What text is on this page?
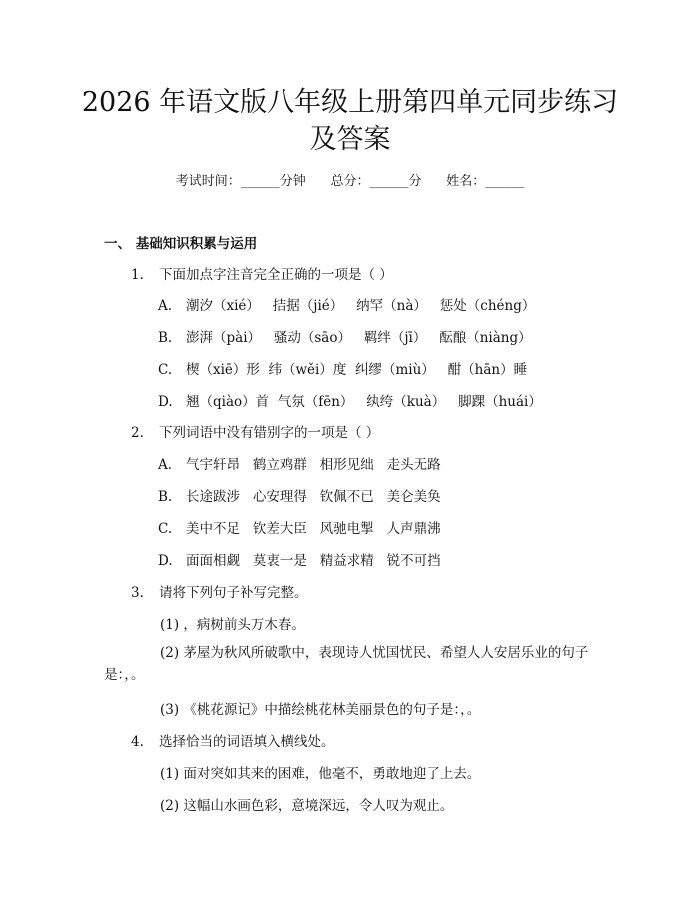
2026 年语文版八年级上册第四单元同步练习
及答案
考试时间：______分钟      总分：______分      姓名：______
一、 基础知识积累与运用
1. 下面加点字注音完全正确的一项是（ ）
A. 潮汐（xié）   拮据（jié）   纳罕（nà）   惩处（chéng）
B. 澎湃（pài）   骚动（sāo）   羁绊（jī）   酝酿（niàng）
C. 楔（xiē）形  纬（wěi）度  纠缪（miù）   酣（hān）睡
D. 翘（qiào）首  气氛（fēn）   纨绔（kuà）   脚踝（huái）
2. 下列词语中没有错别字的一项是（ ）
A. 气宇轩昂   鹤立鸡群   相形见绌   走头无路
B. 长途跋涉   心安理得   钦佩不已   美仑美奂
C. 美中不足   钦差大臣   风驰电掣   人声鼎沸
D. 面面相觑   莫衷一是   精益求精   锐不可挡
3. 请将下列句子补写完整。
(1) ，病树前头万木春。
(2) 茅屋为秋风所破歌中，表现诗人忧国忧民、希望人人安居乐业的句子是：，。
(3) 《桃花源记》中描绘桃花林美丽景色的句子是：，。
4. 选择恰当的词语填入横线处。
(1) 面对突如其来的困难，他毫不，勇敢地迎了上去。
(2) 这幅山水画色彩，意境深远，令人叹为观止。
